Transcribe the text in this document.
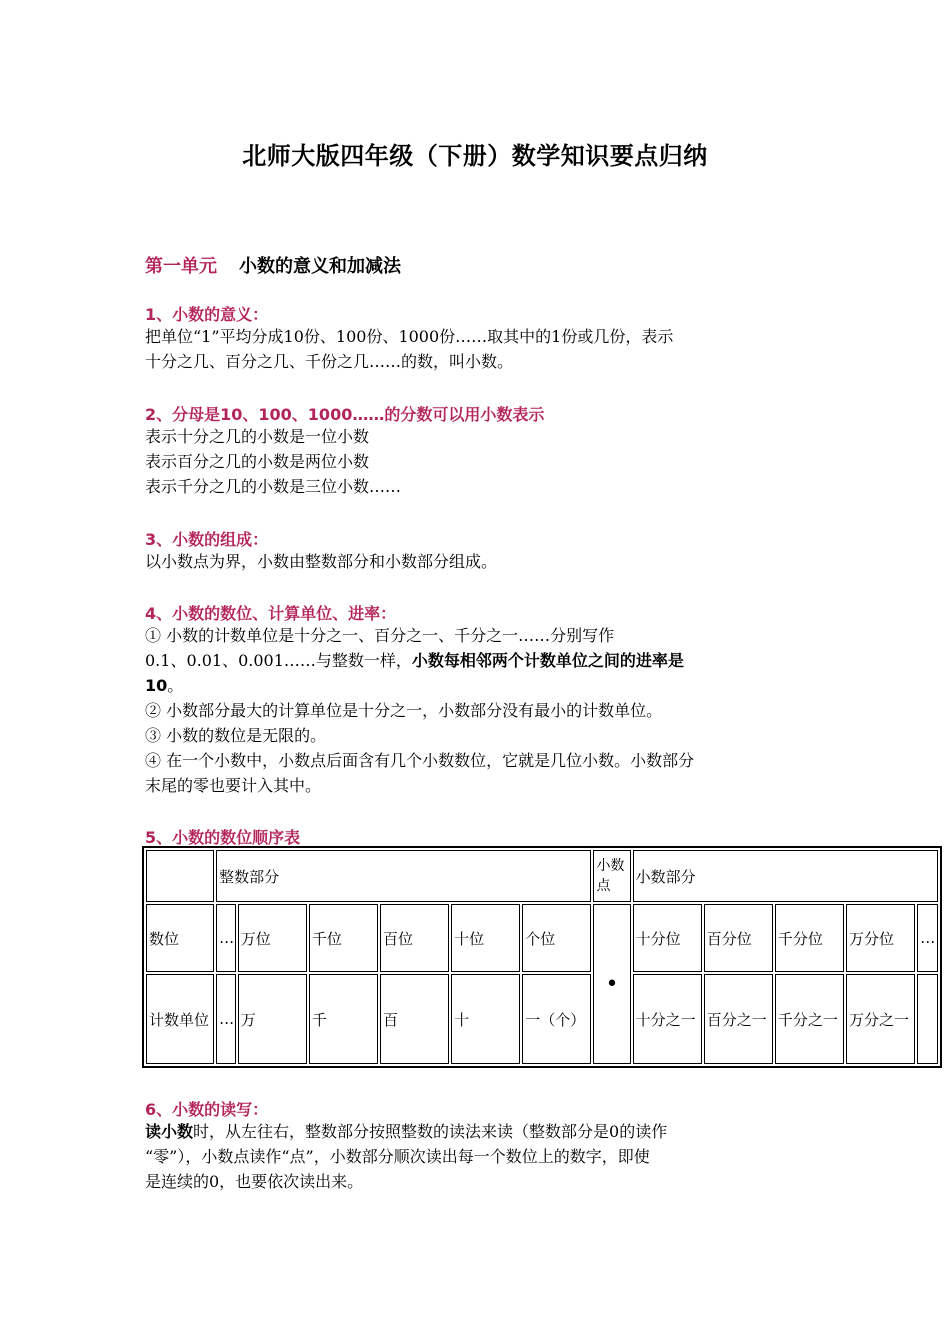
北师大版四年级（下册）数学知识要点归纳
第一单元 小数的意义和加减法
1、小数的意义：
把单位“1”平均分成10份、100份、1000份……取其中的1份或几份，表示
十分之几、百分之几、千份之几……的数，叫小数。
2、分母是10、100、1000……的分数可以用小数表示
表示十分之几的小数是一位小数
表示百分之几的小数是两位小数
表示千分之几的小数是三位小数……
3、小数的组成：
以小数点为界，小数由整数部分和小数部分组成。
4、小数的数位、计算单位、进率：
① 小数的计数单位是十分之一、百分之一、千分之一……分别写作
0.1、0.01、0.001……与整数一样，小数每相邻两个计数单位之间的进率是
10。
② 小数部分最大的计算单位是十分之一，小数部分没有最小的计数单位。
③ 小数的数位是无限的。
④ 在一个小数中，小数点后面含有几个小数数位，它就是几位小数。小数部分
末尾的零也要计入其中。
5、小数的数位顺序表
	整数部分						小数点	小数部分				
数位	…	万位	千位	百位	十位	个位	•	十分位	百分位	千分位	万分位	…
计数单位	…	万	千	百	十	一（个）		十分之一	百分之一	千分之一	万分之一	
6、小数的读写：
读小数时，从左往右，整数部分按照整数的读法来读（整数部分是0的读作
“零”），小数点读作“点”，小数部分顺次读出每一个数位上的数字，即使
是连续的0，也要依次读出来。
